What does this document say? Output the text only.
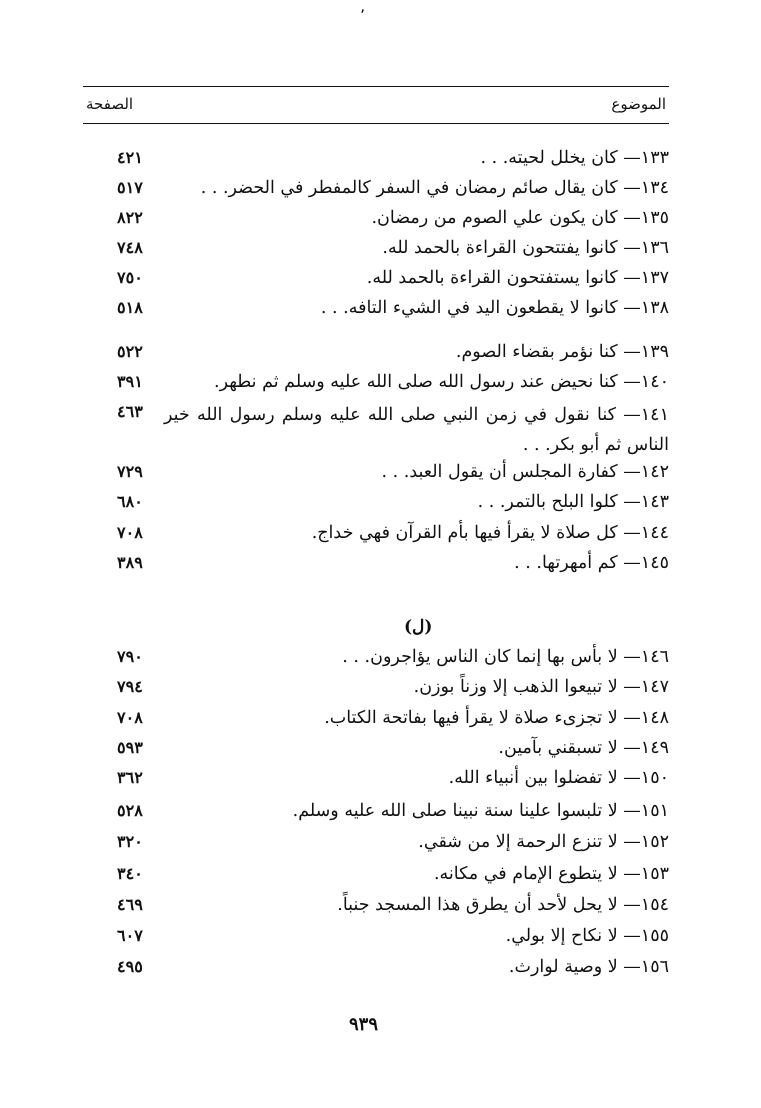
٬
الموضوع
الصفحة
١٣٣— كان يخلل لحيته. . .
٤٢١
١٣٤— كان يقال صائم رمضان في السفر كالمفطر في الحضر. . .
٥١٧
١٣٥— كان يكون علي الصوم من رمضان.
٨٢٢
١٣٦— كانوا يفتتحون القراءة بالحمد لله.
٧٤٨
١٣٧— كانوا يستفتحون القراءة بالحمد لله.
٧٥٠
١٣٨— كانوا لا يقطعون اليد في الشيء التافه. . .
٥١٨
١٣٩— كنا نؤمر بقضاء الصوم.
٥٢٢
١٤٠— كنا نحيض عند رسول الله صلى الله عليه وسلم ثم نطهر.
٣٩١
١٤١— كنا نقول في زمن النبي صلى الله عليه وسلم رسول الله خير الناس ثم أبو بكر. . .
٤٦٣
١٤٢— كفارة المجلس أن يقول العبد. . .
٧٢٩
١٤٣— كلوا البلح بالتمر. . .
٦٨٠
١٤٤— كل صلاة لا يقرأ فيها بأم القرآن فهي خداج.
٧٠٨
١٤٥— كم أمهرتها. . .
٣٨٩
(ل)
١٤٦— لا بأس بها إنما كان الناس يؤاجرون. . .
٧٩٠
١٤٧— لا تبيعوا الذهب إلا وزناً بوزن.
٧٩٤
١٤٨— لا تجزىء صلاة لا يقرأ فيها بفاتحة الكتاب.
٧٠٨
١٤٩— لا تسبقني بآمين.
٥٩٣
١٥٠— لا تفضلوا بين أنبياء الله.
٣٦٢
١٥١— لا تلبسوا علينا سنة نبينا صلى الله عليه وسلم.
٥٢٨
١٥٢— لا تنزع الرحمة إلا من شقي.
٣٢٠
١٥٣— لا يتطوع الإمام في مكانه.
٣٤٠
١٥٤— لا يحل لأحد أن يطرق هذا المسجد جنباً.
٤٦٩
١٥٥— لا نكاح إلا بولي.
٦٠٧
١٥٦— لا وصية لوارث.
٤٩٥
٩٣٩
